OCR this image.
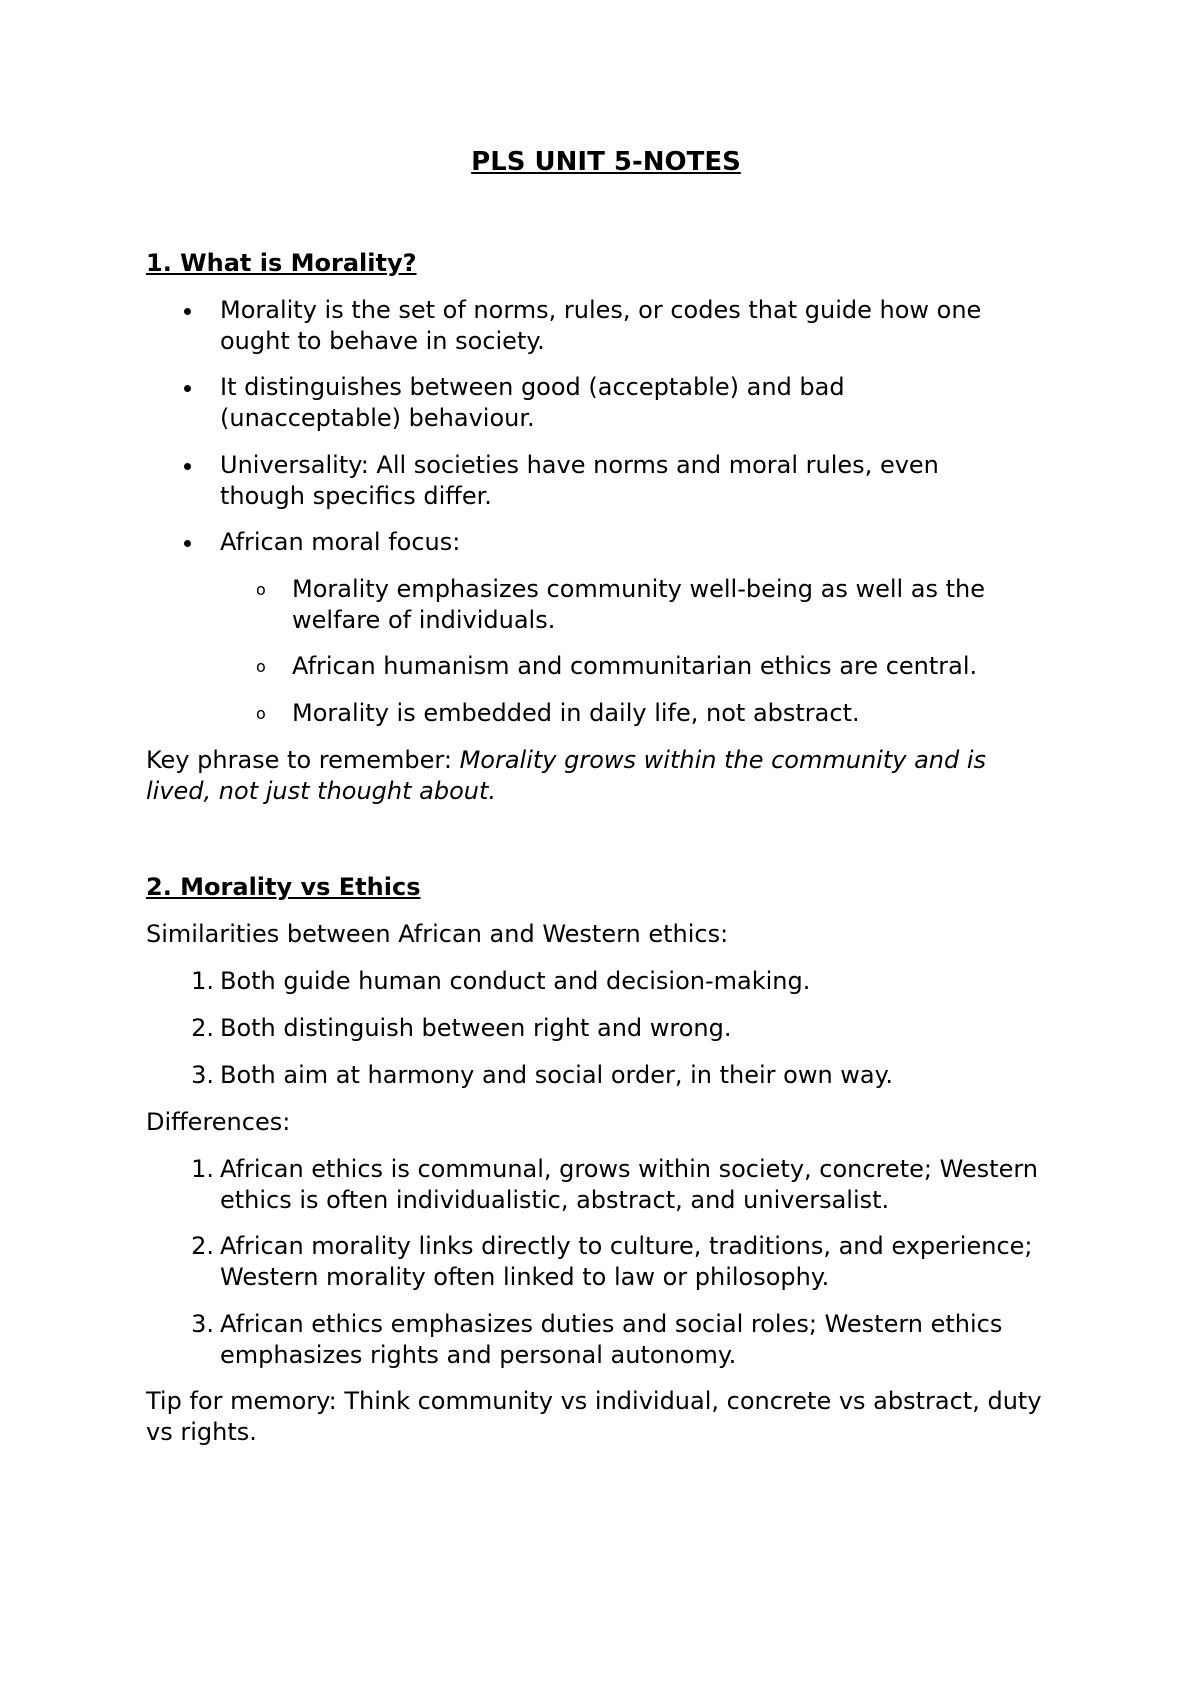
PLS UNIT 5-NOTES
1. What is Morality?
Morality is the set of norms, rules, or codes that guide how one ought to behave in society.
It distinguishes between good (acceptable) and bad (unacceptable) behaviour.
Universality: All societies have norms and moral rules, even though specifics differ.
African moral focus:
o	Morality emphasizes community well-being as well as the welfare of individuals.
o	African humanism and communitarian ethics are central.
o	Morality is embedded in daily life, not abstract.

Key phrase to remember: Morality grows within the community and is lived, not just thought about.

2. Morality vs Ethics

Similarities between African and Western ethics:

1. Both guide human conduct and decision-making.
2. Both distinguish between right and wrong.
3. Both aim at harmony and social order, in their own way.

Differences:

1. African ethics is communal, grows within society, concrete; Western ethics is often individualistic, abstract, and universalist.
2. African morality links directly to culture, traditions, and experience; Western morality often linked to law or philosophy.
3. African ethics emphasizes duties and social roles; Western ethics emphasizes rights and personal autonomy.

Tip for memory: Think community vs individual, concrete vs abstract, duty vs rights.
